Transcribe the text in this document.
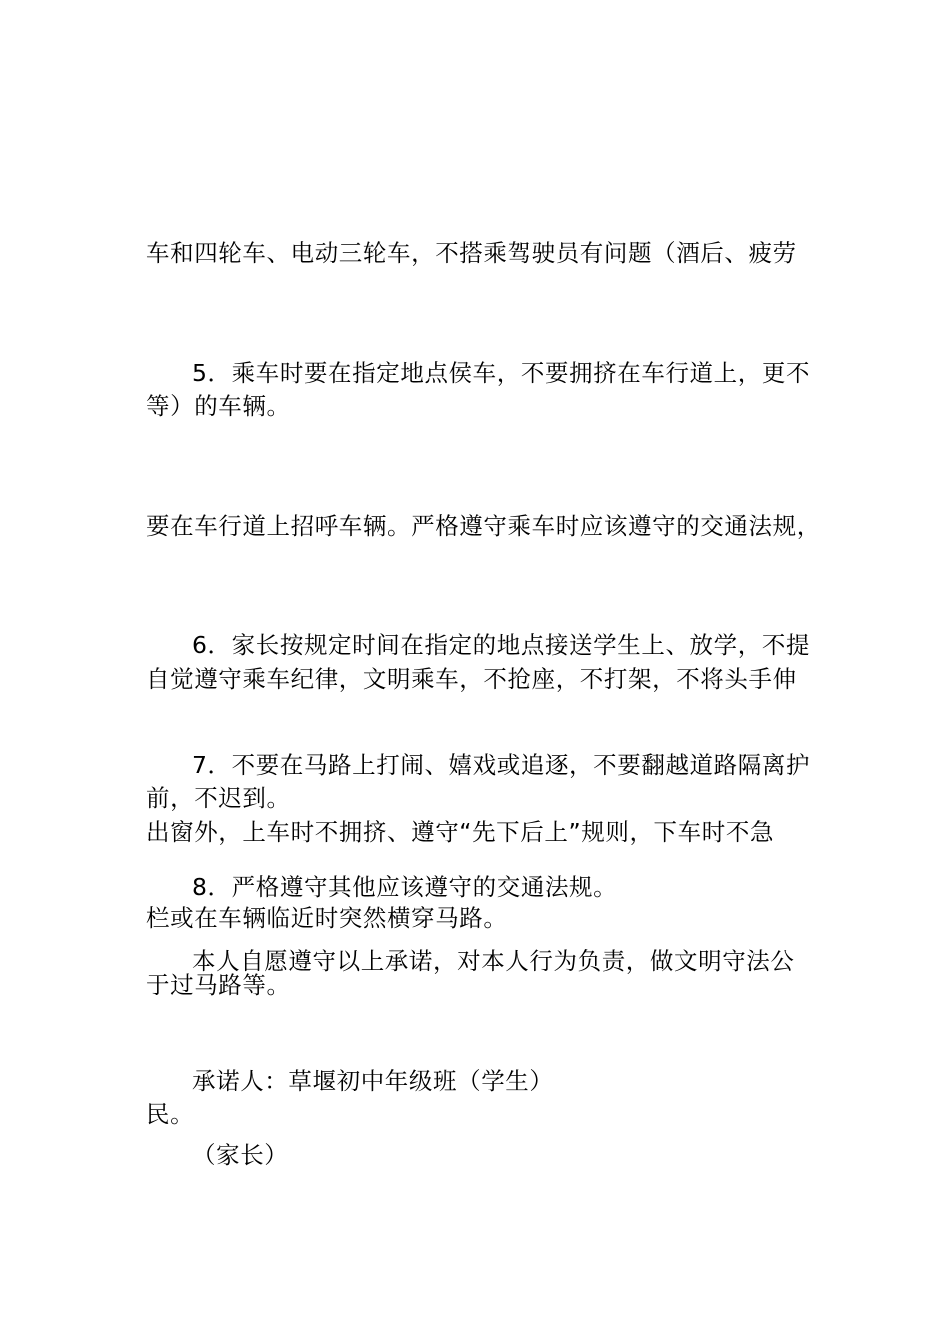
车和四轮车、电动三轮车，不搭乘驾驶员有问题（酒后、疲劳

等）的车辆。

5．乘车时要在指定地点侯车，不要拥挤在车行道上，更不

要在车行道上招呼车辆。严格遵守乘车时应该遵守的交通法规，

自觉遵守乘车纪律，文明乘车，不抢座，不打架，不将头手伸

出窗外，上车时不拥挤、遵守“先下后上”规则，下车时不急

于过马路等。

6．家长按规定时间在指定的地点接送学生上、放学，不提

前，不迟到。

7．不要在马路上打闹、嬉戏或追逐，不要翻越道路隔离护

栏或在车辆临近时突然横穿马路。

8．严格遵守其他应该遵守的交通法规。

本人自愿遵守以上承诺，对本人行为负责，做文明守法公

民。

承诺人：草堰初中年级班（学生）

（家长）
